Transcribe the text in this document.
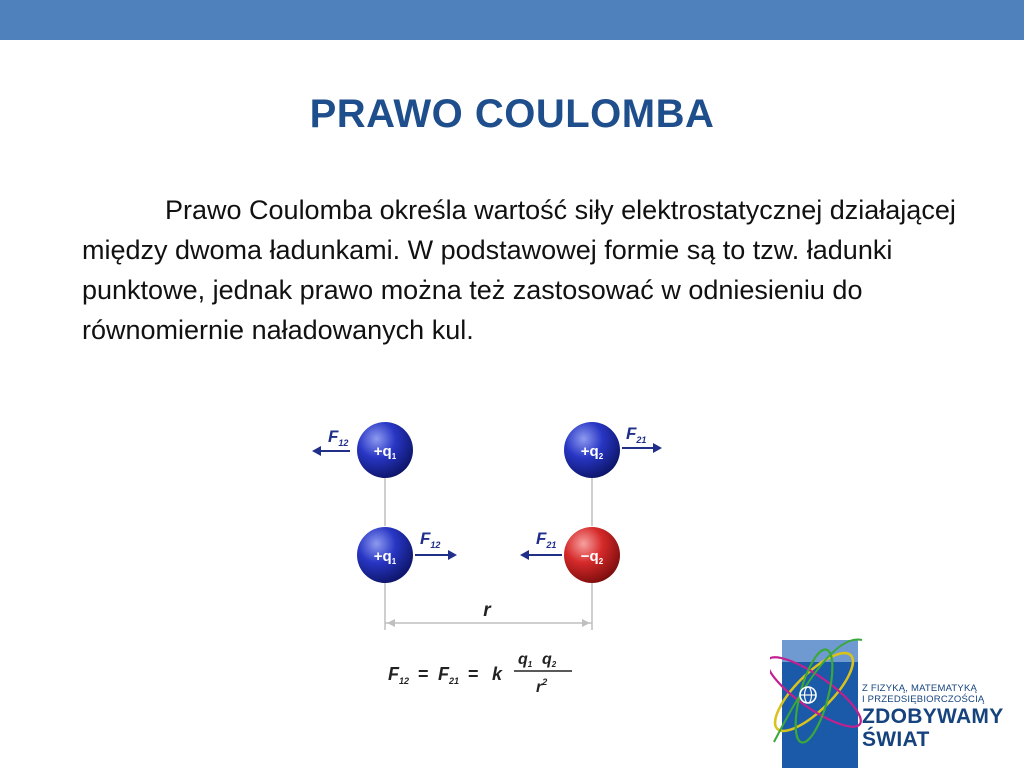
PRAWO COULOMBA
Prawo Coulomba określa wartość siły elektrostatycznej działającej między dwoma ładunkami. W podstawowej formie są to tzw. ładunki punktowe, jednak prawo można też zastosować w odniesieniu do równomiernie naładowanych kul.
$F_{12} +q_1$	$+q_2$
$F_{21}$
$+q_1$
$F_{12}$	$F_{21}$
$-q_2$
r
$F_{12} = F_{21} = k$
q1 q2
$r^2$
Z FIZYKĄ, MATEMATYKĄ
I PRZEDSIĘBIORCZOŚCIĄ
ZDOBYWAMY
ŚWIAT
